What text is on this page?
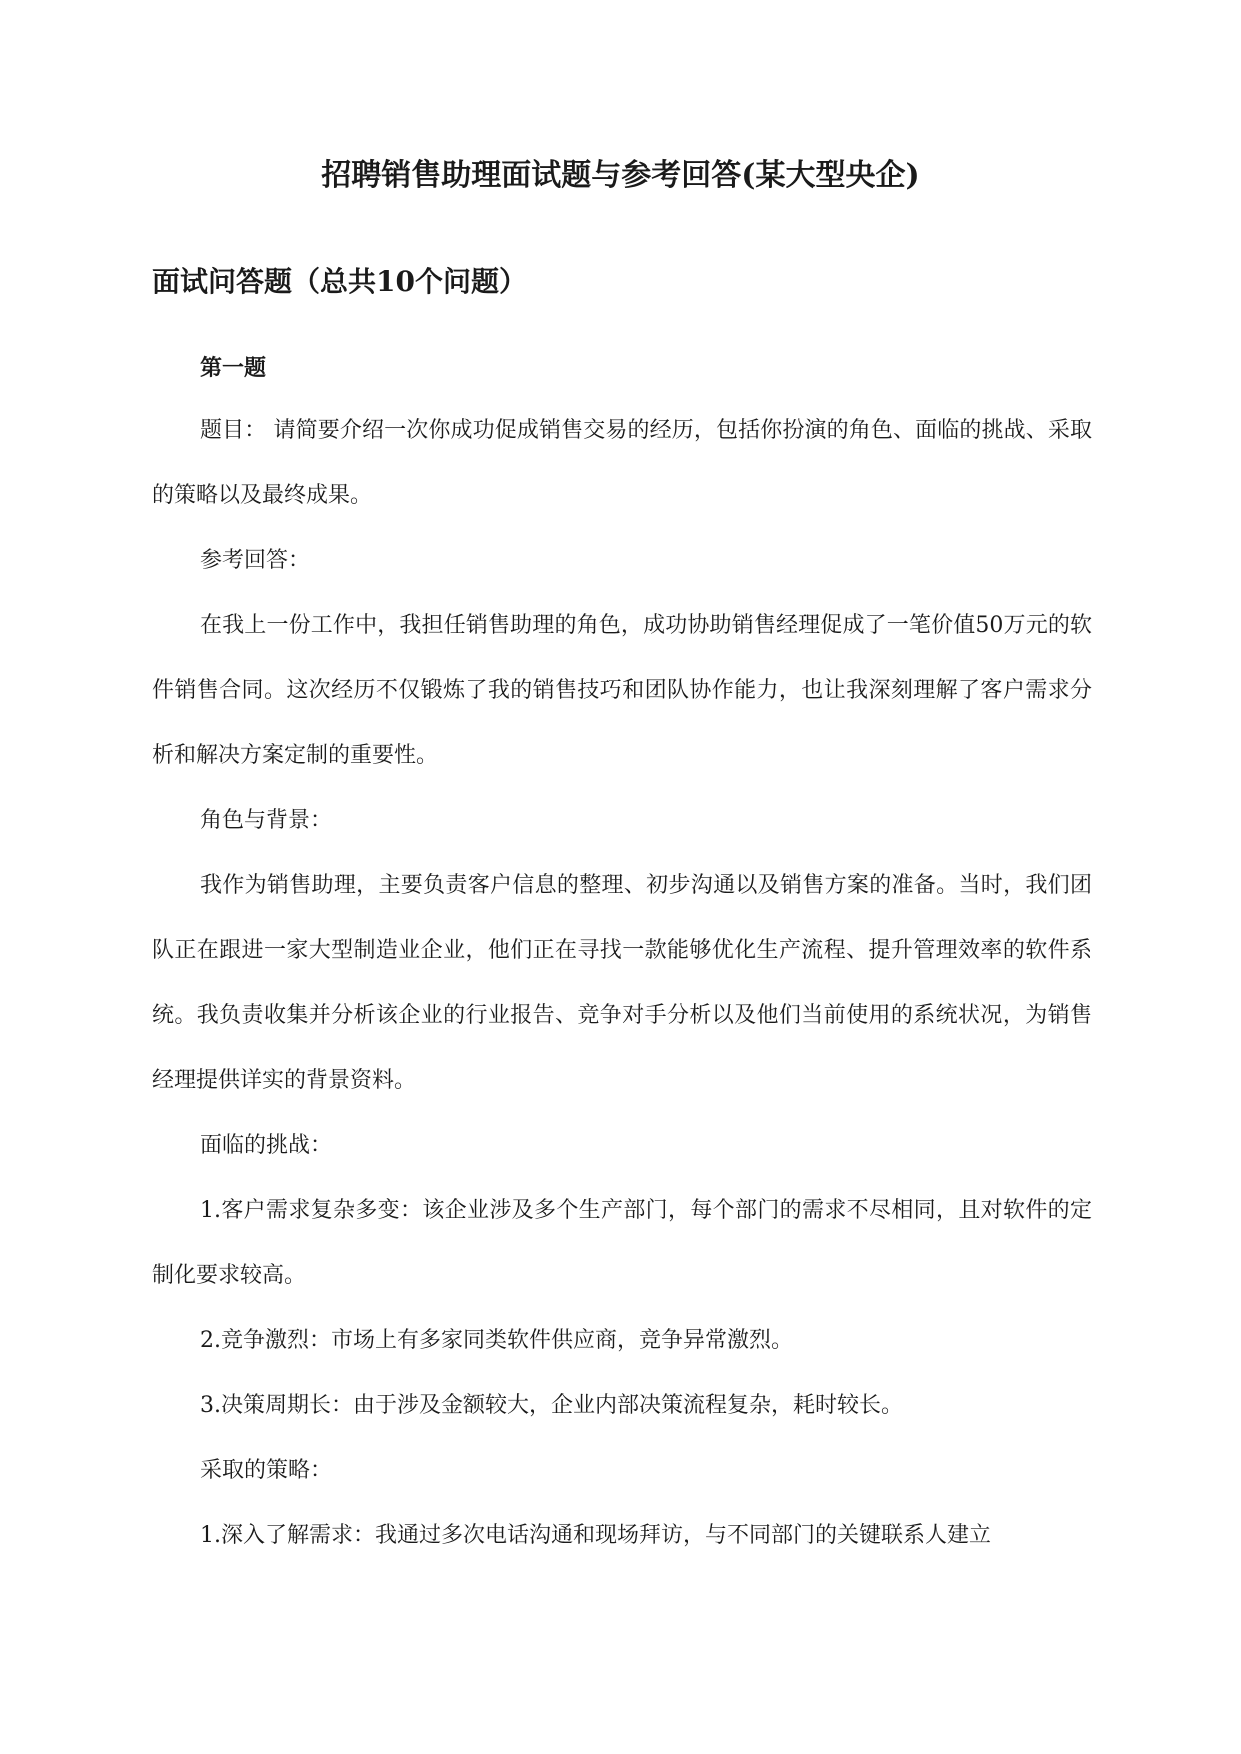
招聘销售助理面试题与参考回答(某大型央企)
面试问答题（总共10个问题）
第一题

题目： 请简要介绍一次你成功促成销售交易的经历，包括你扮演的角色、面临的挑战、采取的策略以及最终成果。

参考回答：

在我上一份工作中，我担任销售助理的角色，成功协助销售经理促成了一笔价值50万元的软件销售合同。这次经历不仅锻炼了我的销售技巧和团队协作能力，也让我深刻理解了客户需求分析和解决方案定制的重要性。

角色与背景：

我作为销售助理，主要负责客户信息的整理、初步沟通以及销售方案的准备。当时，我们团队正在跟进一家大型制造业企业，他们正在寻找一款能够优化生产流程、提升管理效率的软件系统。我负责收集并分析该企业的行业报告、竞争对手分析以及他们当前使用的系统状况，为销售经理提供详实的背景资料。

面临的挑战：

1.客户需求复杂多变：该企业涉及多个生产部门，每个部门的需求不尽相同，且对软件的定制化要求较高。

2.竞争激烈：市场上有多家同类软件供应商，竞争异常激烈。

3.决策周期长：由于涉及金额较大，企业内部决策流程复杂，耗时较长。

采取的策略：

1.深入了解需求：我通过多次电话沟通和现场拜访，与不同部门的关键联系人建立
